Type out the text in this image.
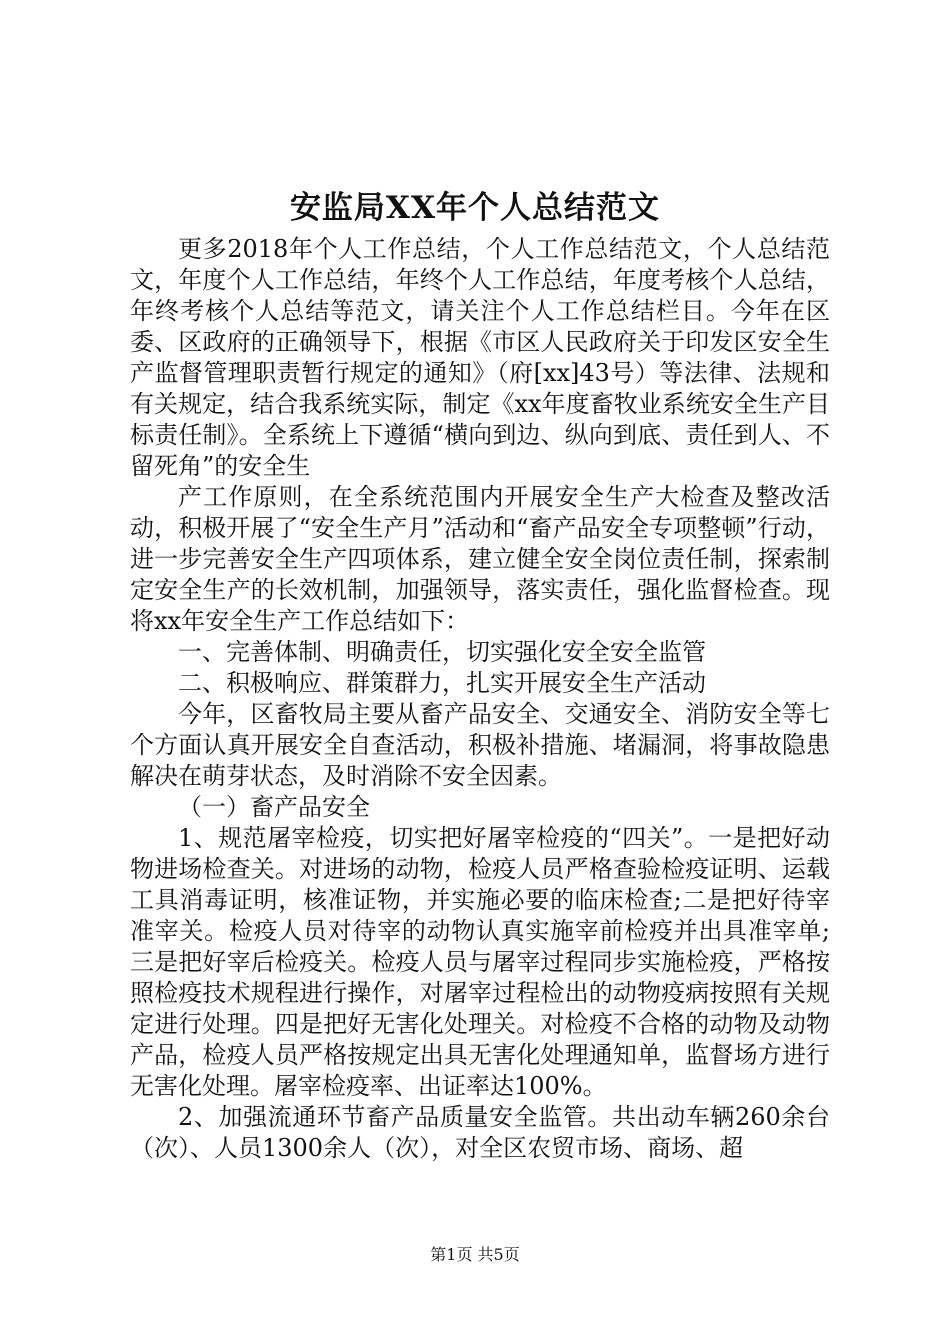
安监局XX年个人总结范文

更多2018年个人工作总结，个人工作总结范文，个人总结范文，年度个人工作总结，年终个人工作总结，年度考核个人总结，年终考核个人总结等范文，请关注个人工作总结栏目。今年在区委、区政府的正确领导下，根据《市区人民政府关于印发区安全生产监督管理职责暂行规定的通知》（府[xx]43号）等法律、法规和有关规定，结合我系统实际，制定《xx年度畜牧业系统安全生产目标责任制》。全系统上下遵循“横向到边、纵向到底、责任到人、不留死角”的安全生

产工作原则，在全系统范围内开展安全生产大检查及整改活动，积极开展了“安全生产月”活动和“畜产品安全专项整顿”行动，进一步完善安全生产四项体系，建立健全安全岗位责任制，探索制定安全生产的长效机制，加强领导，落实责任，强化监督检查。现将xx年安全生产工作总结如下：

一、完善体制、明确责任，切实强化安全安全监管

二、积极响应、群策群力，扎实开展安全生产活动

今年，区畜牧局主要从畜产品安全、交通安全、消防安全等七个方面认真开展安全自查活动，积极补措施、堵漏洞，将事故隐患解决在萌芽状态，及时消除不安全因素。

（一）畜产品安全

1、规范屠宰检疫，切实把好屠宰检疫的“四关”。一是把好动物进场检查关。对进场的动物，检疫人员严格查验检疫证明、运载工具消毒证明，核准证物，并实施必要的临床检查;二是把好待宰准宰关。检疫人员对待宰的动物认真实施宰前检疫并出具准宰单;三是把好宰后检疫关。检疫人员与屠宰过程同步实施检疫，严格按照检疫技术规程进行操作，对屠宰过程检出的动物疫病按照有关规定进行处理。四是把好无害化处理关。对检疫不合格的动物及动物产品，检疫人员严格按规定出具无害化处理通知单，监督场方进行无害化处理。屠宰检疫率、出证率达100%。

2、加强流通环节畜产品质量安全监管。共出动车辆260余台（次）、人员1300余人（次），对全区农贸市场、商场、超

第1页 共5页
